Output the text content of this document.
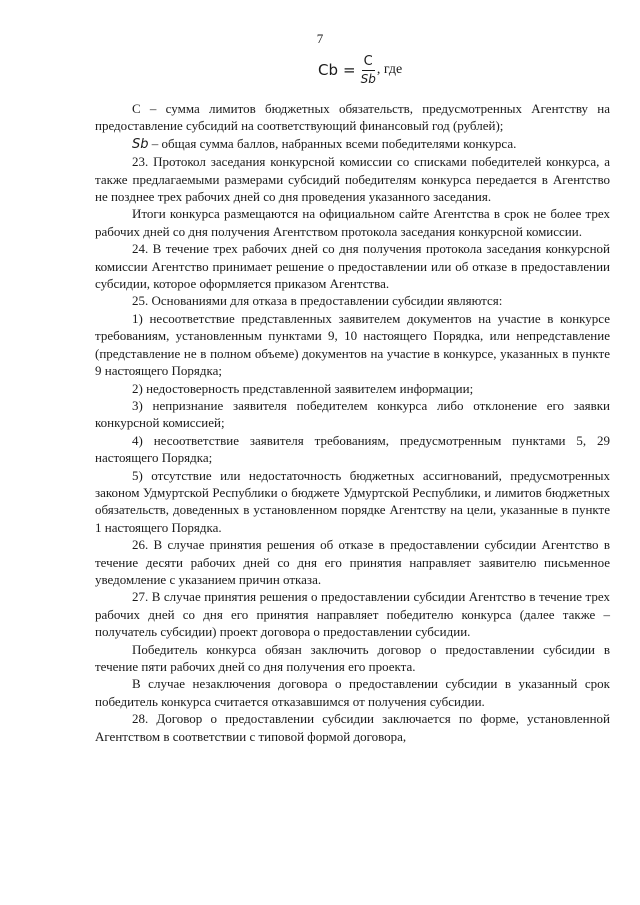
7
$Cb = \frac{C}{Sb}$ , где

C – сумма лимитов бюджетных обязательств, предусмотренных Агентству на предоставление субсидий на соответствующий финансовый год (рублей);

Sb – общая сумма баллов, набранных всеми победителями конкурса.

23. Протокол заседания конкурсной комиссии со списками победителей конкурса, а также предлагаемыми размерами субсидий победителям конкурса передается в Агентство не позднее трех рабочих дней со дня проведения указанного заседания.

Итоги конкурса размещаются на официальном сайте Агентства в срок не более трех рабочих дней со дня получения Агентством протокола заседания конкурсной комиссии.

24. В течение трех рабочих дней со дня получения протокола заседания конкурсной комиссии Агентство принимает решение о предоставлении или об отказе в предоставлении субсидии, которое оформляется приказом Агентства.

25. Основаниями для отказа в предоставлении субсидии являются:

1) несоответствие представленных заявителем документов на участие в конкурсе требованиям, установленным пунктами 9, 10 настоящего Порядка, или непредставление (представление не в полном объеме) документов на участие в конкурсе, указанных в пункте 9 настоящего Порядка;

2) недостоверность представленной заявителем информации;

3) непризнание заявителя победителем конкурса либо отклонение его заявки конкурсной комиссией;

4) несоответствие заявителя требованиям, предусмотренным пунктами 5, 29 настоящего Порядка;

5) отсутствие или недостаточность бюджетных ассигнований, предусмотренных законом Удмуртской Республики о бюджете Удмуртской Республики, и лимитов бюджетных обязательств, доведенных в установленном порядке Агентству на цели, указанные в пункте 1 настоящего Порядка.

26. В случае принятия решения об отказе в предоставлении субсидии Агентство в течение десяти рабочих дней со дня его принятия направляет заявителю письменное уведомление с указанием причин отказа.

27. В случае принятия решения о предоставлении субсидии Агентство в течение трех рабочих дней со дня его принятия направляет победителю конкурса (далее также – получатель субсидии) проект договора о предоставлении субсидии.

Победитель конкурса обязан заключить договор о предоставлении субсидии в течение пяти рабочих дней со дня получения его проекта.

В случае незаключения договора о предоставлении субсидии в указанный срок победитель конкурса считается отказавшимся от получения субсидии.

28. Договор о предоставлении субсидии заключается по форме, установленной Агентством в соответствии с типовой формой договора,
